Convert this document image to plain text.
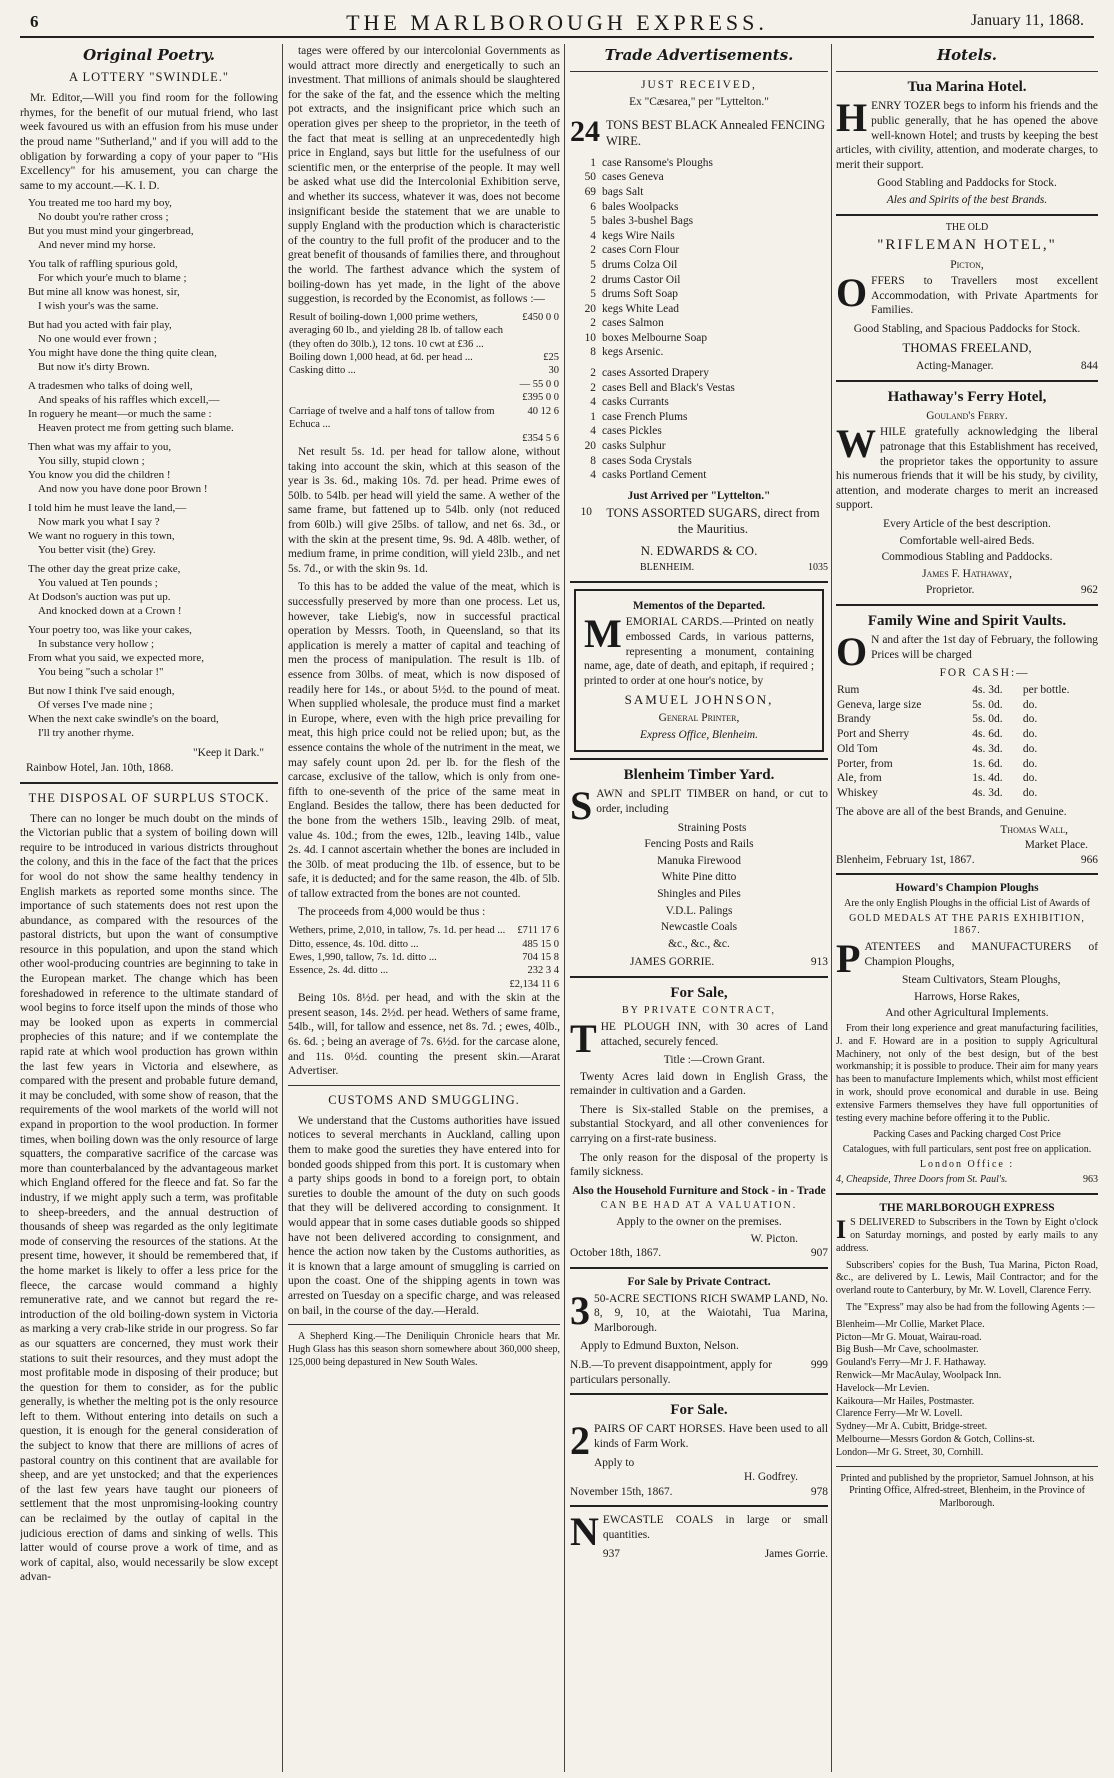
6	THE MARLBOROUGH EXPRESS.	January 11, 1868.
Original Poetry.
A LOTTERY "SWINDLE."

Mr. Editor,—Will you find room for the following rhymes, for the benefit of our mutual friend, who last week favoured us with an effusion from his muse under the proud name "Sutherland," and if you will add to the obligation by forwarding a copy of your paper to "His Excellency" for his amusement, you can charge the same to my account.—K. I. D.

You treated me too hard my boy,
No doubt you're rather cross ;
But you must mind your gingerbread,
And never mind my horse.
You talk of raffling spurious gold,
For which your'e much to blame ;
But mine all know was honest, sir,
I wish your's was the same.
But had you acted with fair play,
No one would ever frown ;
You might have done the thing quite clean,
But now it's dirty Brown.
A tradesmen who talks of doing well,
And speaks of his raffles which excell,—
In roguery he meant—or much the same :
Heaven protect me from getting such blame.
Then what was my affair to you,
You silly, stupid clown ;
You know you did the children !
And now you have done poor Brown !
I told him he must leave the land,—
Now mark you what I say ?
We want no roguery in this town,
You better visit (the) Grey.
The other day the great prize cake,
You valued at Ten pounds ;
At Dodson's auction was put up.
And knocked down at a Crown !
Your poetry too, was like your cakes,
In substance very hollow ;
From what you said, we expected more,
You being "such a scholar !"
But now I think I've said enough,
Of verses I've made nine ;
When the next cake swindle's on the board,
I'll try another rhyme.
"Keep it Dark."
Rainbow Hotel, Jan. 10th, 1868.
THE DISPOSAL OF SURPLUS STOCK.

There can no longer be much doubt on the minds of the Victorian public that a system of boiling down will require to be introduced in various districts throughout the colony, and this in the face of the fact that the prices for wool do not show the same healthy tendency in English markets as reported some months since. The importance of such statements does not rest upon the abundance, as compared with the resources of the pastoral districts, but upon the want of consumptive resource in this population, and upon the stand which other wool-producing countries are beginning to take in the European market. The change which has been foreshadowed in reference to the ultimate standard of wool begins to force itself upon the minds of those who may be looked upon as experts in commercial prophecies of this nature; and if we contemplate the rapid rate at which wool production has grown within the last few years in Victoria and elsewhere, as compared with the present and probable future demand, it may be concluded, with some show of reason, that the requirements of the wool markets of the world will not expand in proportion to the wool production. In former times, when boiling down was the only resource of large squatters, the comparative sacrifice of the carcase was more than counterbalanced by the advantageous market which England offered for the fleece and fat. So far the industry, if we might apply such a term, was profitable to sheep-breeders, and the annual destruction of thousands of sheep was regarded as the only legitimate mode of conserving the resources of the stations. At the present time, however, it should be remembered that, if the home market is likely to offer a less price for the fleece, the carcase would command a highly remunerative rate, and we cannot but regard the re-introduction of the old boiling-down system in Victoria as marking a very crab-like stride in our progress. So far as our squatters are concerned, they must work their stations to suit their resources, and they must adopt the most profitable mode in disposing of their produce; but the question for them to consider, as for the public generally, is whether the melting pot is the only resource left to them. Without entering into details on such a question, it is enough for the general consideration of the subject to know that there are millions of acres of pastoral country on this continent that are available for sheep, and are yet unstocked; and that the experiences of the last few years have taught our pioneers of settlement that the most unpromising-looking country can be reclaimed by the outlay of capital in the judicious erection of dams and sinking of wells. This latter would of course prove a work of time, and as work of capital, also, would necessarily be slow except advan-

tages were offered by our intercolonial Governments as would attract more directly and energetically to such an investment. That millions of animals should be slaughtered for the sake of the fat, and the essence which the melting pot extracts, and the insignificant price which such an operation gives per sheep to the proprietor, in the teeth of the fact that meat is selling at an unprecedentedly high price in England, says but little for the usefulness of our scientific men, or the enterprise of the people. It may well be asked what use did the Intercolonial Exhibition serve, and whether its success, whatever it was, does not become insignificant beside the statement that we are unable to supply England with the production which is characteristic of the country to the full profit of the producer and to the great benefit of thousands of families there, and throughout the world. The farthest advance which the system of boiling-down has yet made, in the light of the above suggestion, is recorded by the Economist, as follows :—

Result of boiling-down 1,000 prime wethers, averaging 60 lb., and yielding 28 lb. of tallow each (they often do 30lb.), 12 tons. 10 cwt at £36 ...	£450 0 0
Boiling down 1,000 head, at 6d. per head ...	£25
Casking ditto ...	30
	— 55 0 0
	£395 0 0
Carriage of twelve and a half tons of tallow from Echuca ...	40 12 6
	£354 5 6

Net result 5s. 1d. per head for tallow alone, without taking into account the skin, which at this season of the year is 3s. 6d., making 10s. 7d. per head. Prime ewes of 50lb. to 54lb. per head will yield the same. A wether of the same frame, but fattened up to 54lb. only (not reduced from 60lb.) will give 25lbs. of tallow, and net 6s. 3d., or with the skin at the present time, 9s. 9d. A 48lb. wether, of medium frame, in prime condition, will yield 23lb., and net 5s. 7d., or with the skin 9s. 1d.

To this has to be added the value of the meat, which is successfully preserved by more than one process. Let us, however, take Liebig's, now in successful practical operation by Messrs. Tooth, in Queensland, so that its application is merely a matter of capital and teaching of men the process of manipulation. The result is 1lb. of essence from 30lbs. of meat, which is now disposed of readily here for 14s., or about 5½d. to the pound of meat. When supplied wholesale, the produce must find a market in Europe, where, even with the high price prevailing for meat, this high price could not be relied upon; but, as the essence contains the whole of the nutriment in the meat, we may safely count upon 2d. per lb. for the flesh of the carcase, exclusive of the tallow, which is only from one-fifth to one-seventh of the price of the same meat in England. Besides the tallow, there has been deducted for the bone from the wethers 15lb., leaving 29lb. of meat, value 4s. 10d.; from the ewes, 12lb., leaving 14lb., value 2s. 4d. I cannot ascertain whether the bones are included in the 30lb. of meat producing the 1lb. of essence, but to be safe, it is deducted; and for the same reason, the 4lb. of 5lb. of tallow extracted from the bones are not counted.

The proceeds from 4,000 would be thus :

Wethers, prime, 2,010, in tallow, 7s. 1d. per head ...	£711 17 6
Ditto, essence, 4s. 10d. ditto ...	485 15 0
Ewes, 1,990, tallow, 7s. 1d. ditto ...	704 15 8
Essence, 2s. 4d. ditto ...	232 3 4
	£2,134 11 6

Being 10s. 8½d. per head, and with the skin at the present season, 14s. 2½d. per head. Wethers of same frame, 54lb., will, for tallow and essence, net 8s. 7d. ; ewes, 40lb., 6s. 6d. ; being an average of 7s. 6½d. for the carcase alone, and 11s. 0½d. counting the present skin.—Ararat Advertiser.

CUSTOMS AND SMUGGLING.

We understand that the Customs authorities have issued notices to several merchants in Auckland, calling upon them to make good the sureties they have entered into for bonded goods shipped from this port. It is customary when a party ships goods in bond to a foreign port, to obtain sureties to double the amount of the duty on such goods that they will be delivered according to consignment. It would appear that in some cases dutiable goods so shipped have not been delivered according to consignment, and hence the action now taken by the Customs authorities, as it is known that a large amount of smuggling is carried on upon the coast. One of the shipping agents in town was arrested on Tuesday on a specific charge, and was released on bail, in the course of the day.—Herald.

A Shepherd King.—The Deniliquin Chronicle hears that Mr. Hugh Glass has this season shorn somewhere about 360,000 sheep, 125,000 being depastured in New South Wales.

Trade Advertisements.
JUST RECEIVED,
Ex "Cæsarea," per "Lyttelton."
24 TONS BEST BLACK Annealed FENCING WIRE.
1 case Ransome's Ploughs
50 cases Geneva
69 bags Salt
6 bales Woolpacks
5 bales 3-bushel Bags
4 kegs Wire Nails
2 cases Corn Flour
5 drums Colza Oil
2 drums Castor Oil
5 drums Soft Soap
20 kegs White Lead
2 cases Salmon
10 boxes Melbourne Soap
8 kegs Arsenic.
2 cases Assorted Drapery
2 cases Bell and Black's Vestas
4 casks Currants
1 case French Plums
4 cases Pickles
20 casks Sulphur
8 cases Soda Crystals
4 casks Portland Cement
Just Arrived per "Lyttelton."
10	TONS ASSORTED SUGARS, direct from the Mauritius.
N. EDWARDS & CO.
BLENHEIM.	1035
Mementos of the Departed.

MEMORIAL CARDS.—Printed on neatly embossed Cards, in various patterns, representing a monument, containing name, age, date of death, and epitaph, if required ; printed to order at one hour's notice, by

SAMUEL JOHNSON,
General Printer,
Express Office, Blenheim.
Blenheim Timber Yard.

SAWN and SPLIT TIMBER on hand, or cut to order, including

Straining Posts
Fencing Posts and Rails
Manuka Firewood
White Pine ditto
Shingles and Piles
V.D.L. Palings
Newcastle Coals
&c., &c., &c.
JAMES GORRIE.	913
For Sale,
BY PRIVATE CONTRACT,

THE PLOUGH INN, with 30 acres of Land attached, securely fenced.

Title :—Crown Grant.

Twenty Acres laid down in English Grass, the remainder in cultivation and a Garden.

There is Six-stalled Stable on the premises, a substantial Stockyard, and all other conveniences for carrying on a first-rate business.

The only reason for the disposal of the property is family sickness.

Also the Household Furniture and Stock - in - Trade
CAN BE HAD AT A VALUATION.
Apply to the owner on the premises.
W. Picton.
October 18th, 1867.	907
For Sale by Private Contract.

3 50-ACRE SECTIONS RICH SWAMP LAND, No. 8, 9, 10, at the Waiotahi, Tua Marina, Marlborough.

Apply to Edmund Buxton, Nelson.

N.B.—To prevent disappointment, apply for particulars personally.
999
For Sale.

2 PAIRS OF CART HORSES. Have been used to all kinds of Farm Work.

Apply to
H. Godfrey.
November 15th, 1867.	978

NEWCASTLE COALS in large or small quantities.

937	James Gorrie.
Hotels.
Tua Marina Hotel.

HENRY TOZER begs to inform his friends and the public generally, that he has opened the above well-known Hotel; and trusts by keeping the best articles, with civility, attention, and moderate charges, to merit their support.

Good Stabling and Paddocks for Stock.
Ales and Spirits of the best Brands.
THE OLD
"RIFLEMAN HOTEL,"
Picton,

OFFERS to Travellers most excellent Accommodation, with Private Apartments for Families.

Good Stabling, and Spacious Paddocks for Stock.
THOMAS FREELAND,
Acting-Manager.	844
Hathaway's Ferry Hotel,
Gouland's Ferry.

WHILE gratefully acknowledging the liberal patronage that this Establishment has received, the proprietor takes the opportunity to assure his numerous friends that it will be his study, by civility, attention, and moderate charges to merit an increased support.

Every Article of the best description.
Comfortable well-aired Beds.
Commodious Stabling and Paddocks.
James F. Hathaway,
Proprietor.	962
Family Wine and Spirit Vaults.

O N and after the 1st day of February, the following Prices will be charged

FOR CASH:—
Rum	4s. 3d.	per bottle.
Geneva, large size	5s. 0d.	do.
Brandy	5s. 0d.	do.
Port and Sherry	4s. 6d.	do.
Old Tom	4s. 3d.	do.
Porter, from	1s. 6d.	do.
Ale, from	1s. 4d.	do.
Whiskey	4s. 3d.	do.

The above are all of the best Brands, and Genuine.

Thomas Wall,
Market Place.
Blenheim, February 1st, 1867.	966
Howard's Champion Ploughs
Are the only English Ploughs in the official List of Awards of
GOLD MEDALS AT THE PARIS EXHIBITION, 1867.

PATENTEES and MANUFACTURERS of Champion Ploughs,

Steam Cultivators, Steam Ploughs,
Harrows, Horse Rakes,
And other Agricultural Implements.

From their long experience and great manufacturing facilities, J. and F. Howard are in a position to supply Agricultural Machinery, not only of the best design, but of the best workmanship; it is possible to produce. Their aim for many years has been to manufacture Implements which, whilst most efficient in work, should prove economical and durable in use. Being extensive Farmers themselves they have full opportunities of testing every machine before offering it to the Public.

Packing Cases and Packing charged Cost Price
Catalogues, with full particulars, sent post free on application.
London Office :
4, Cheapside, Three Doors from St. Paul's.	963
THE MARLBOROUGH EXPRESS

I S DELIVERED to Subscribers in the Town by Eight o'clock on Saturday mornings, and posted by early mails to any address.

Subscribers' copies for the Bush, Tua Marina, Picton Road, &c., are delivered by L. Lewis, Mail Contractor; and for the overland route to Canterbury, by Mr. W. Lovell, Clarence Ferry.

The "Express" may also be had from the following Agents :—

Blenheim—Mr Collie, Market Place.
Picton—Mr G. Mouat, Wairau-road.
Big Bush—Mr Cave, schoolmaster.
Gouland's Ferry—Mr J. F. Hathaway.
Renwick—Mr MacAulay, Woolpack Inn.
Havelock—Mr Levien.
Kaikoura—Mr Hailes, Postmaster.
Clarence Ferry—Mr W. Lovell.
Sydney—Mr A. Cubitt, Bridge-street.
Melbourne—Messrs Gordon & Gotch, Collins-st.
London—Mr G. Street, 30, Cornhill.

Printed and published by the proprietor, Samuel Johnson, at his Printing Office, Alfred-street, Blenheim, in the Province of Marlborough.
